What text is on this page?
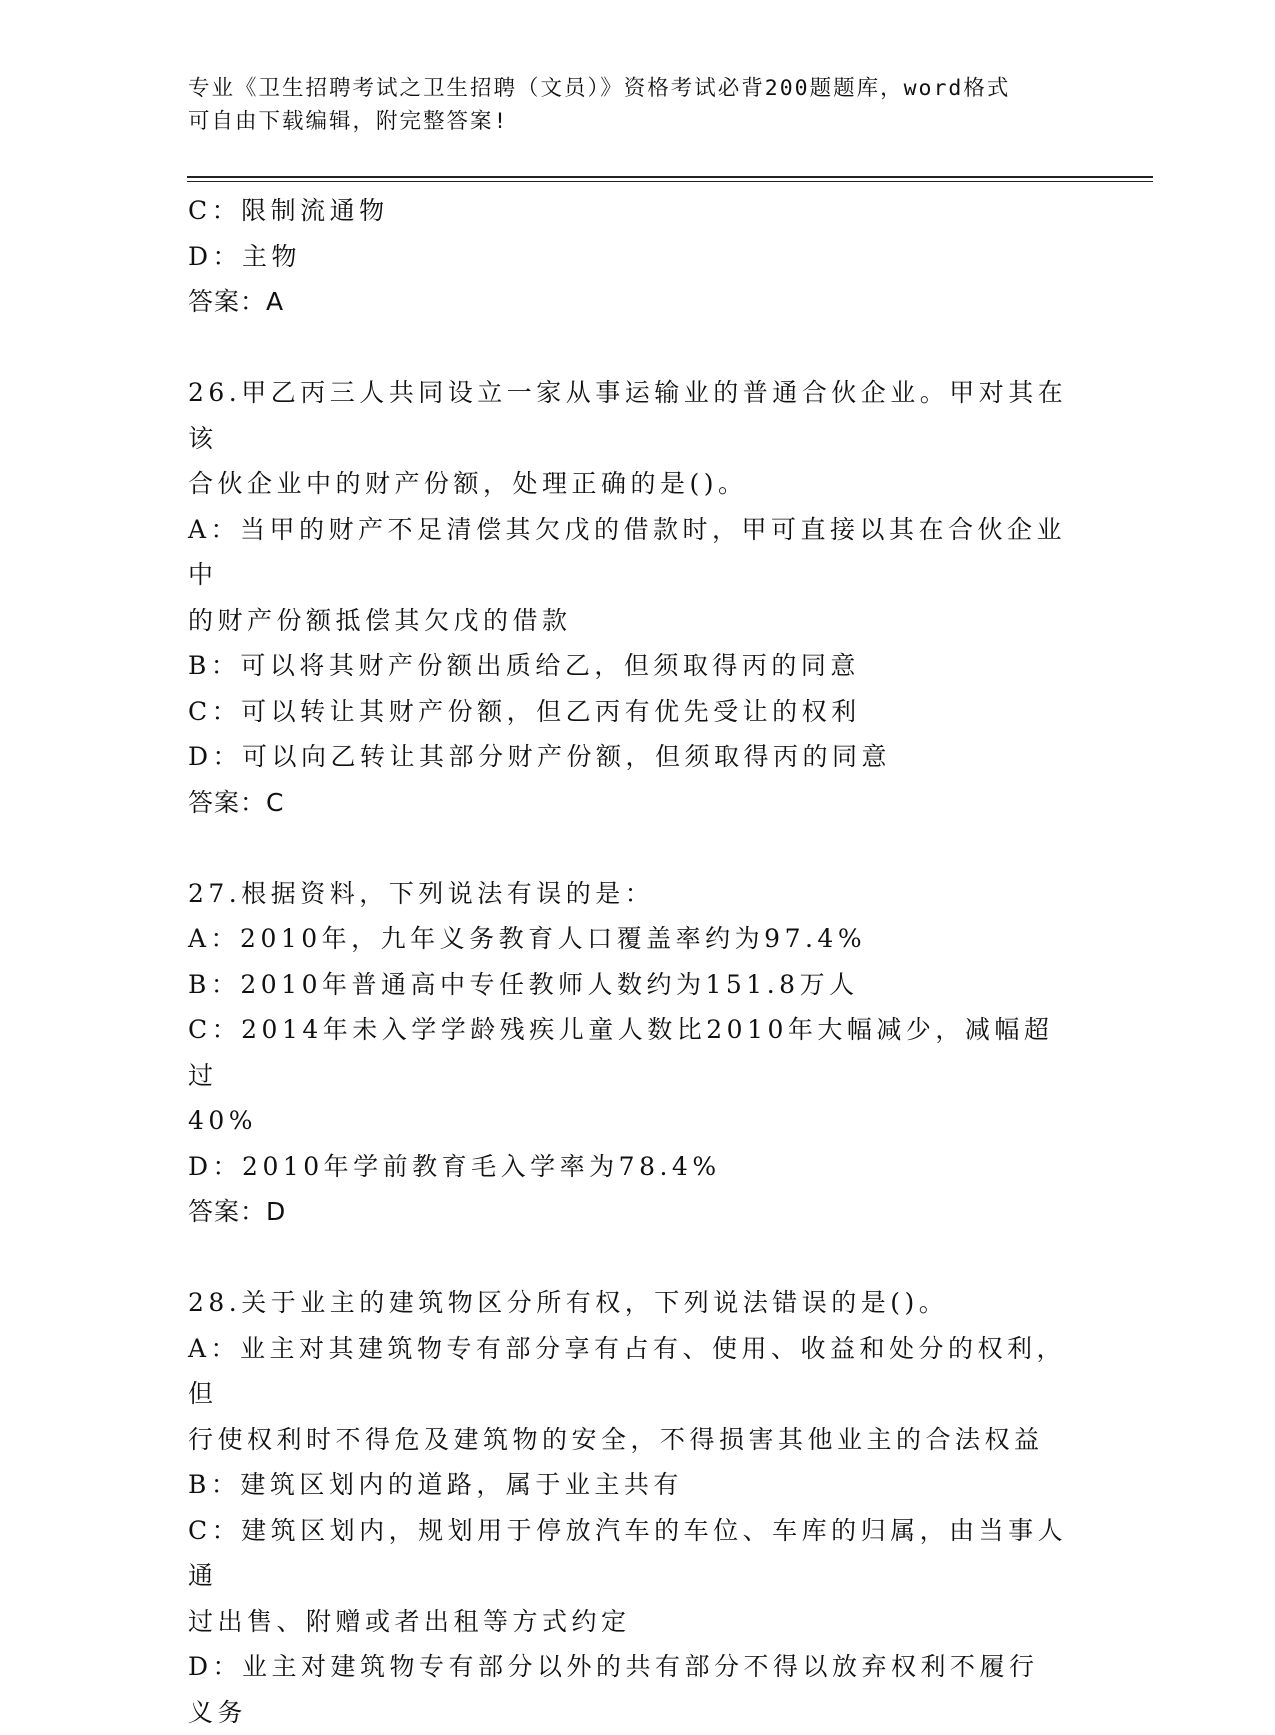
专业《卫生招聘考试之卫生招聘（文员）》资格考试必背200题题库，word格式
可自由下载编辑，附完整答案!

C：限制流通物

D：主物

答案：A

26.甲乙丙三人共同设立一家从事运输业的普通合伙企业。甲对其在该

合伙企业中的财产份额，处理正确的是()。

A：当甲的财产不足清偿其欠戊的借款时，甲可直接以其在合伙企业中

的财产份额抵偿其欠戊的借款

B：可以将其财产份额出质给乙，但须取得丙的同意

C：可以转让其财产份额，但乙丙有优先受让的权利

D：可以向乙转让其部分财产份额，但须取得丙的同意

答案：C

27.根据资料，下列说法有误的是：

A：2010年，九年义务教育人口覆盖率约为97.4%

B：2010年普通高中专任教师人数约为151.8万人

C：2014年未入学学龄残疾儿童人数比2010年大幅减少，减幅超过

40%

D：2010年学前教育毛入学率为78.4%

答案：D

28.关于业主的建筑物区分所有权，下列说法错误的是()。

A：业主对其建筑物专有部分享有占有、使用、收益和处分的权利，但

行使权利时不得危及建筑物的安全，不得损害其他业主的合法权益

B：建筑区划内的道路，属于业主共有

C：建筑区划内，规划用于停放汽车的车位、车库的归属，由当事人通

过出售、附赠或者出租等方式约定

D：业主对建筑物专有部分以外的共有部分不得以放弃权利不履行义务
